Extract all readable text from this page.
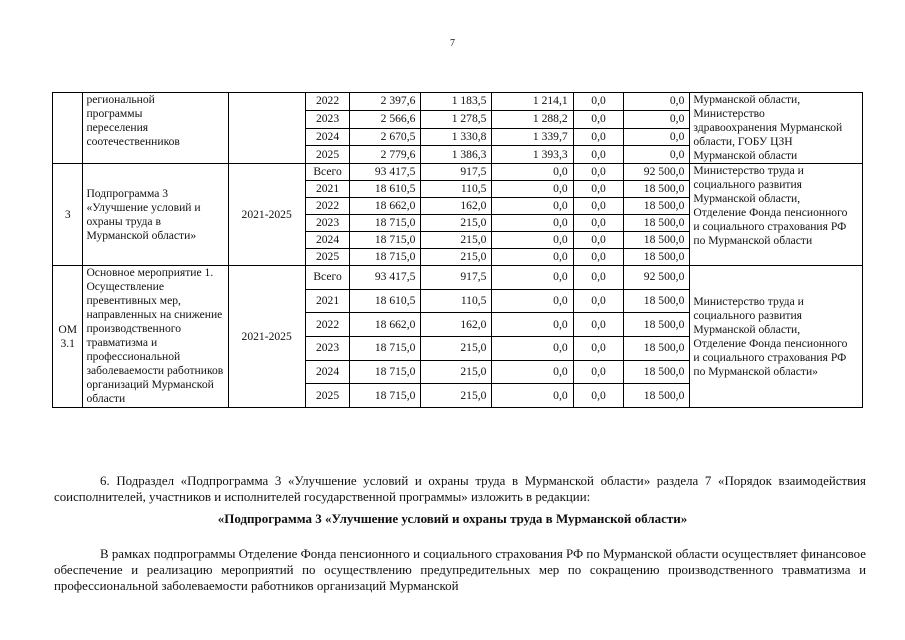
7
	региональной программы переселения соотечественников		2022	2 397,6	1 183,5	1 214,1	0,0	0,0	Мурманской области, Министерство здравоохранения Мурманской области, ГОБУ ЦЗН Мурманской области
			2023	2 566,6	1 278,5	1 288,2	0,0	0,0	
			2024	2 670,5	1 330,8	1 339,7	0,0	0,0	
			2025	2 779,6	1 386,3	1 393,3	0,0	0,0	
3	Подпрограмма 3 «Улучшение условий и охраны труда в Мурманской области»	2021-2025	Всего	93 417,5	917,5	0,0	0,0	92 500,0	Министерство труда и социального развития Мурманской области, Отделение Фонда пенсионного и социального страхования РФ по Мурманской области
			2021	18 610,5	110,5	0,0	0,0	18 500,0	
			2022	18 662,0	162,0	0,0	0,0	18 500,0	
			2023	18 715,0	215,0	0,0	0,0	18 500,0	
			2024	18 715,0	215,0	0,0	0,0	18 500,0	
			2025	18 715,0	215,0	0,0	0,0	18 500,0	
ОМ 3.1	Основное мероприятие 1. Осуществление превентивных мер, направленных на снижение производственного травматизма и профессиональной заболеваемости работников организаций Мурманской области	2021-2025	Всего	93 417,5	917,5	0,0	0,0	92 500,0	Министерство труда и социального развития Мурманской области, Отделение Фонда пенсионного и социального страхования РФ по Мурманской области»
			2021	18 610,5	110,5	0,0	0,0	18 500,0	
			2022	18 662,0	162,0	0,0	0,0	18 500,0	
			2023	18 715,0	215,0	0,0	0,0	18 500,0	
			2024	18 715,0	215,0	0,0	0,0	18 500,0	
			2025	18 715,0	215,0	0,0	0,0	18 500,0	
6. Подраздел «Подпрограмма 3 «Улучшение условий и охраны труда в Мурманской области» раздела 7 «Порядок взаимодействия соисполнителей, участников и исполнителей государственной программы» изложить в редакции:
«Подпрограмма 3 «Улучшение условий и охраны труда в Мурманской области»
В рамках подпрограммы Отделение Фонда пенсионного и социального страхования РФ по Мурманской области осуществляет финансовое обеспечение и реализацию мероприятий по осуществлению предупредительных мер по сокращению производственного травматизма и профессиональной заболеваемости работников организаций Мурманской
